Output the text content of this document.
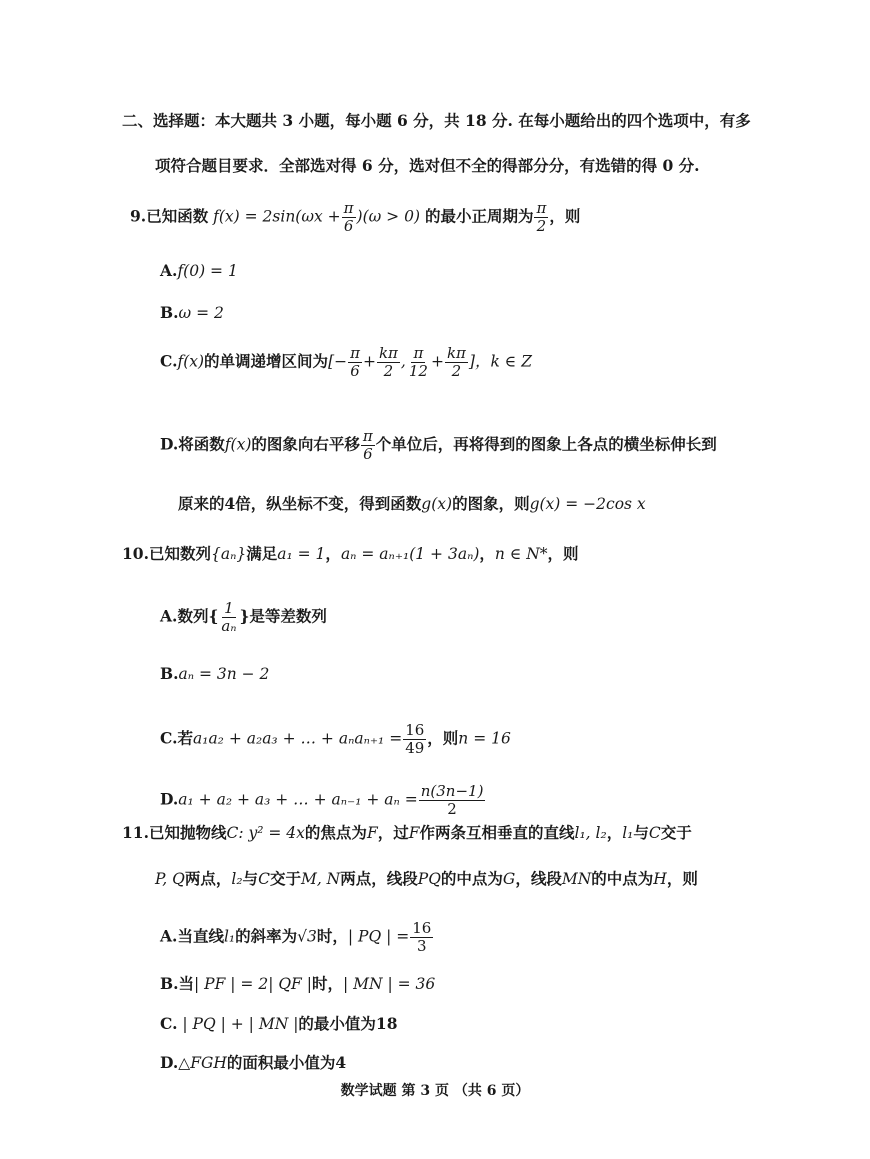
二、选择题：本大题共 3 小题，每小题 6 分，共 18 分. 在每小题给出的四个选项中，有多
项符合题目要求．全部选对得 6 分，选对但不全的得部分分，有选错的得 0 分.
9.已知函数 $f(x) = 2\sin(\omega x + \frac{\pi}{6} )(\omega > 0)$ 的最小正周期为 $\frac{\pi}{2}$ ，则
A.f(0) = 1
B.ω = 2
C.f(x)的单调递增区间为[− $\frac{\pi}{6} + \frac{k\pi}{2}$ , $\frac{\pi}{12} + \frac{k\pi}{2}$ ]，k ∈ Z
D.将函数f(x)的图象向右平移 $\frac{\pi}{6}$ 个单位后，再将得到的图象上各点的横坐标伸长到
原来的4倍，纵坐标不变，得到函数g(x)的图象，则g(x) = −2cos x
10.已知数列{aₙ}满足a₁ = 1，aₙ = aₙ₊₁(1 + 3aₙ)，n ∈ N*，则
A.数列{ $\frac{1}{\text{aₙ}}$ }是等差数列
B.aₙ = 3n − 2
C.若a₁a₂ + a₂a₃ + … + $a_na_{n+1} = \frac{16}{49}$ ，则n = 16
D.a₁ + a₂ + a₃ + … + $a_{n-1} + a_n = \frac{n(3n-1)}{2}$
11.已知抛物线C: y² = 4x的焦点为F，过F作两条互相垂直的直线l₁, l₂，l₁与C交于
P, Q两点，l₂与C交于M, N两点，线段PQ的中点为G，线段MN的中点为H，则
A.当直线l₁的斜率为√3时，| PQ | = $\frac{16}{3}$
B.当| PF | = 2| QF |时，| MN | = 36
C. | PQ | + | MN |的最小值为18
D.△FGH的面积最小值为4
数学试题 第 3 页 （共 6 页）
